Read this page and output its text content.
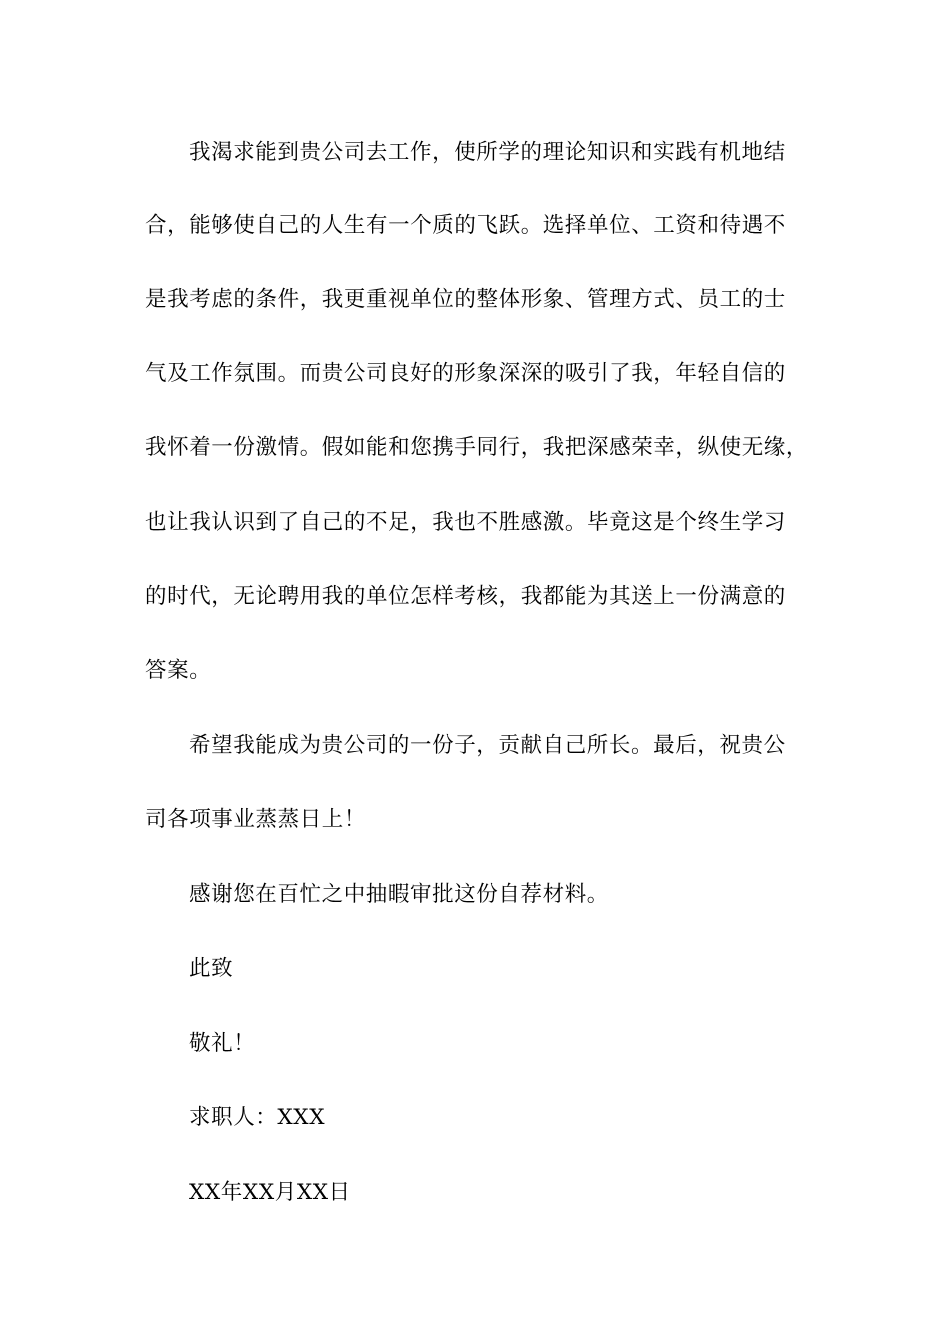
我渴求能到贵公司去工作，使所学的理论知识和实践有机地结
合，能够使自己的人生有一个质的飞跃。选择单位、工资和待遇不
是我考虑的条件，我更重视单位的整体形象、管理方式、员工的士
气及工作氛围。而贵公司良好的形象深深的吸引了我，年轻自信的
我怀着一份激情。假如能和您携手同行，我把深感荣幸，纵使无缘，
也让我认识到了自己的不足，我也不胜感激。毕竟这是个终生学习
的时代，无论聘用我的单位怎样考核，我都能为其送上一份满意的
答案。
希望我能成为贵公司的一份子，贡献自己所长。最后，祝贵公
司各项事业蒸蒸日上！
感谢您在百忙之中抽暇审批这份自荐材料。
此致
敬礼！
求职人：XXX
XX年XX月XX日
